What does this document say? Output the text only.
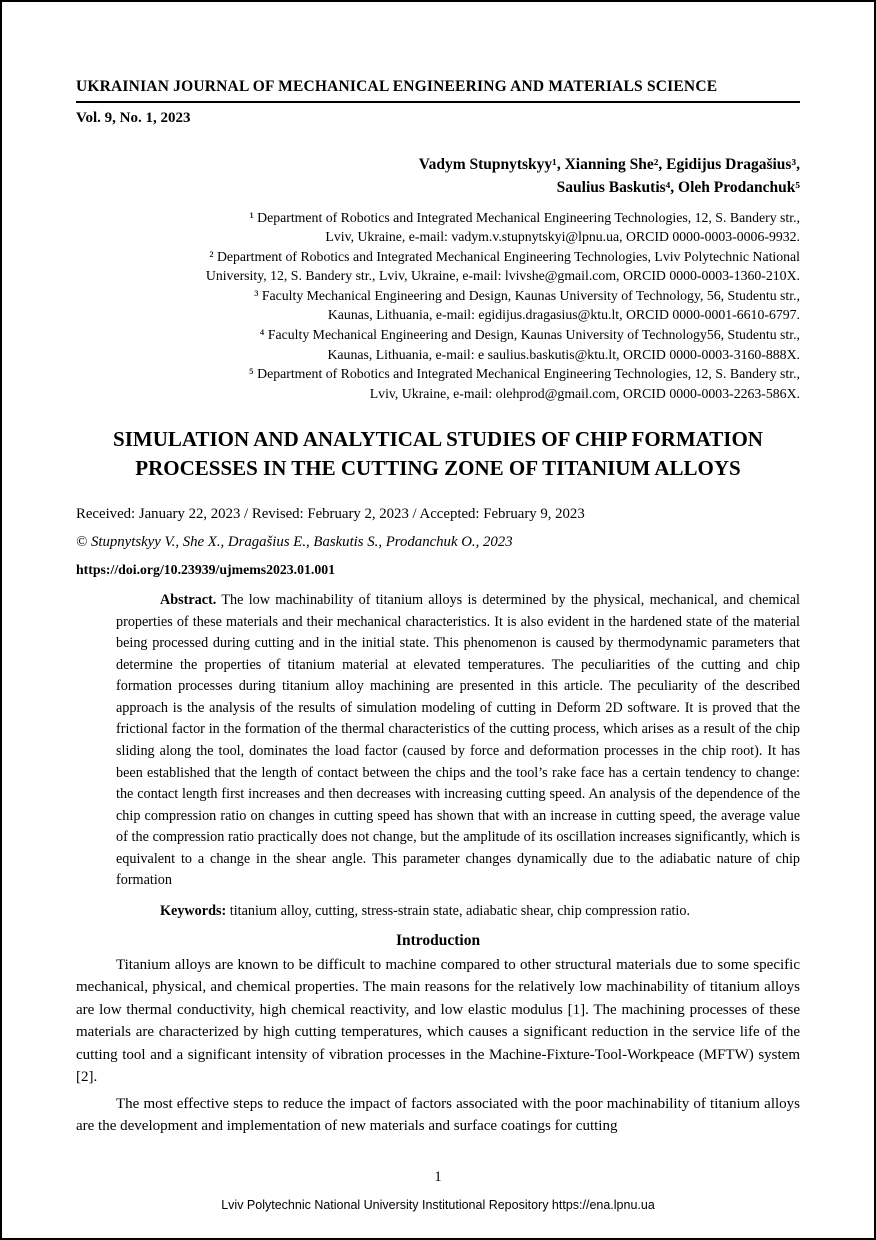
UKRAINIAN JOURNAL OF MECHANICAL ENGINEERING AND MATERIALS SCIENCE
Vol. 9, No. 1, 2023
Vadym Stupnytskyy¹, Xianning She², Egidijus Dragašius³,
Saulius Baskutis⁴, Oleh Prodanchuk⁵
¹ Department of Robotics and Integrated Mechanical Engineering Technologies, 12, S. Bandery str.,
Lviv, Ukraine, e-mail: vadym.v.stupnytskyi@lpnu.ua, ORCID 0000-0003-0006-9932.
² Department of Robotics and Integrated Mechanical Engineering Technologies, Lviv Polytechnic National
University, 12, S. Bandery str., Lviv, Ukraine, e-mail: lvivshe@gmail.com, ORCID 0000-0003-1360-210X.
³ Faculty Mechanical Engineering and Design, Kaunas University of Technology, 56, Studentu str.,
Kaunas, Lithuania, e-mail: egidijus.dragasius@ktu.lt, ORCID 0000-0001-6610-6797.
⁴ Faculty Mechanical Engineering and Design, Kaunas University of Technology56, Studentu str.,
Kaunas, Lithuania, e-mail: e saulius.baskutis@ktu.lt, ORCID 0000-0003-3160-888X.
⁵ Department of Robotics and Integrated Mechanical Engineering Technologies, 12, S. Bandery str.,
Lviv, Ukraine, e-mail: olehprod@gmail.com, ORCID 0000-0003-2263-586X.
SIMULATION AND ANALYTICAL STUDIES OF CHIP FORMATION PROCESSES IN THE CUTTING ZONE OF TITANIUM ALLOYS
Received: January 22, 2023 / Revised: February 2, 2023 / Accepted: February 9, 2023
© Stupnytskyy V., She X., Dragašius E., Baskutis S., Prodanchuk O., 2023
https://doi.org/10.23939/ujmems2023.01.001

Abstract. The low machinability of titanium alloys is determined by the physical, mechanical, and chemical properties of these materials and their mechanical characteristics. It is also evident in the hardened state of the material being processed during cutting and in the initial state. This phenomenon is caused by thermodynamic parameters that determine the properties of titanium material at elevated temperatures. The peculiarities of the cutting and chip formation processes during titanium alloy machining are presented in this article. The peculiarity of the described approach is the analysis of the results of simulation modeling of cutting in Deform 2D software. It is proved that the frictional factor in the formation of the thermal characteristics of the cutting process, which arises as a result of the chip sliding along the tool, dominates the load factor (caused by force and deformation processes in the chip root). It has been established that the length of contact between the chips and the tool’s rake face has a certain tendency to change: the contact length first increases and then decreases with increasing cutting speed. An analysis of the dependence of the chip compression ratio on changes in cutting speed has shown that with an increase in cutting speed, the average value of the compression ratio practically does not change, but the amplitude of its oscillation increases significantly, which is equivalent to a change in the shear angle. This parameter changes dynamically due to the adiabatic nature of chip formation

Keywords: titanium alloy, cutting, stress-strain state, adiabatic shear, chip compression ratio.

Introduction

Titanium alloys are known to be difficult to machine compared to other structural materials due to some specific mechanical, physical, and chemical properties. The main reasons for the relatively low machinability of titanium alloys are low thermal conductivity, high chemical reactivity, and low elastic modulus [1]. The machining processes of these materials are characterized by high cutting temperatures, which causes a significant reduction in the service life of the cutting tool and a significant intensity of vibration processes in the Machine-Fixture-Tool-Workpeace (MFTW) system [2].

The most effective steps to reduce the impact of factors associated with the poor machinability of titanium alloys are the development and implementation of new materials and surface coatings for cutting

1
Lviv Polytechnic National University Institutional Repository https://ena.lpnu.ua
